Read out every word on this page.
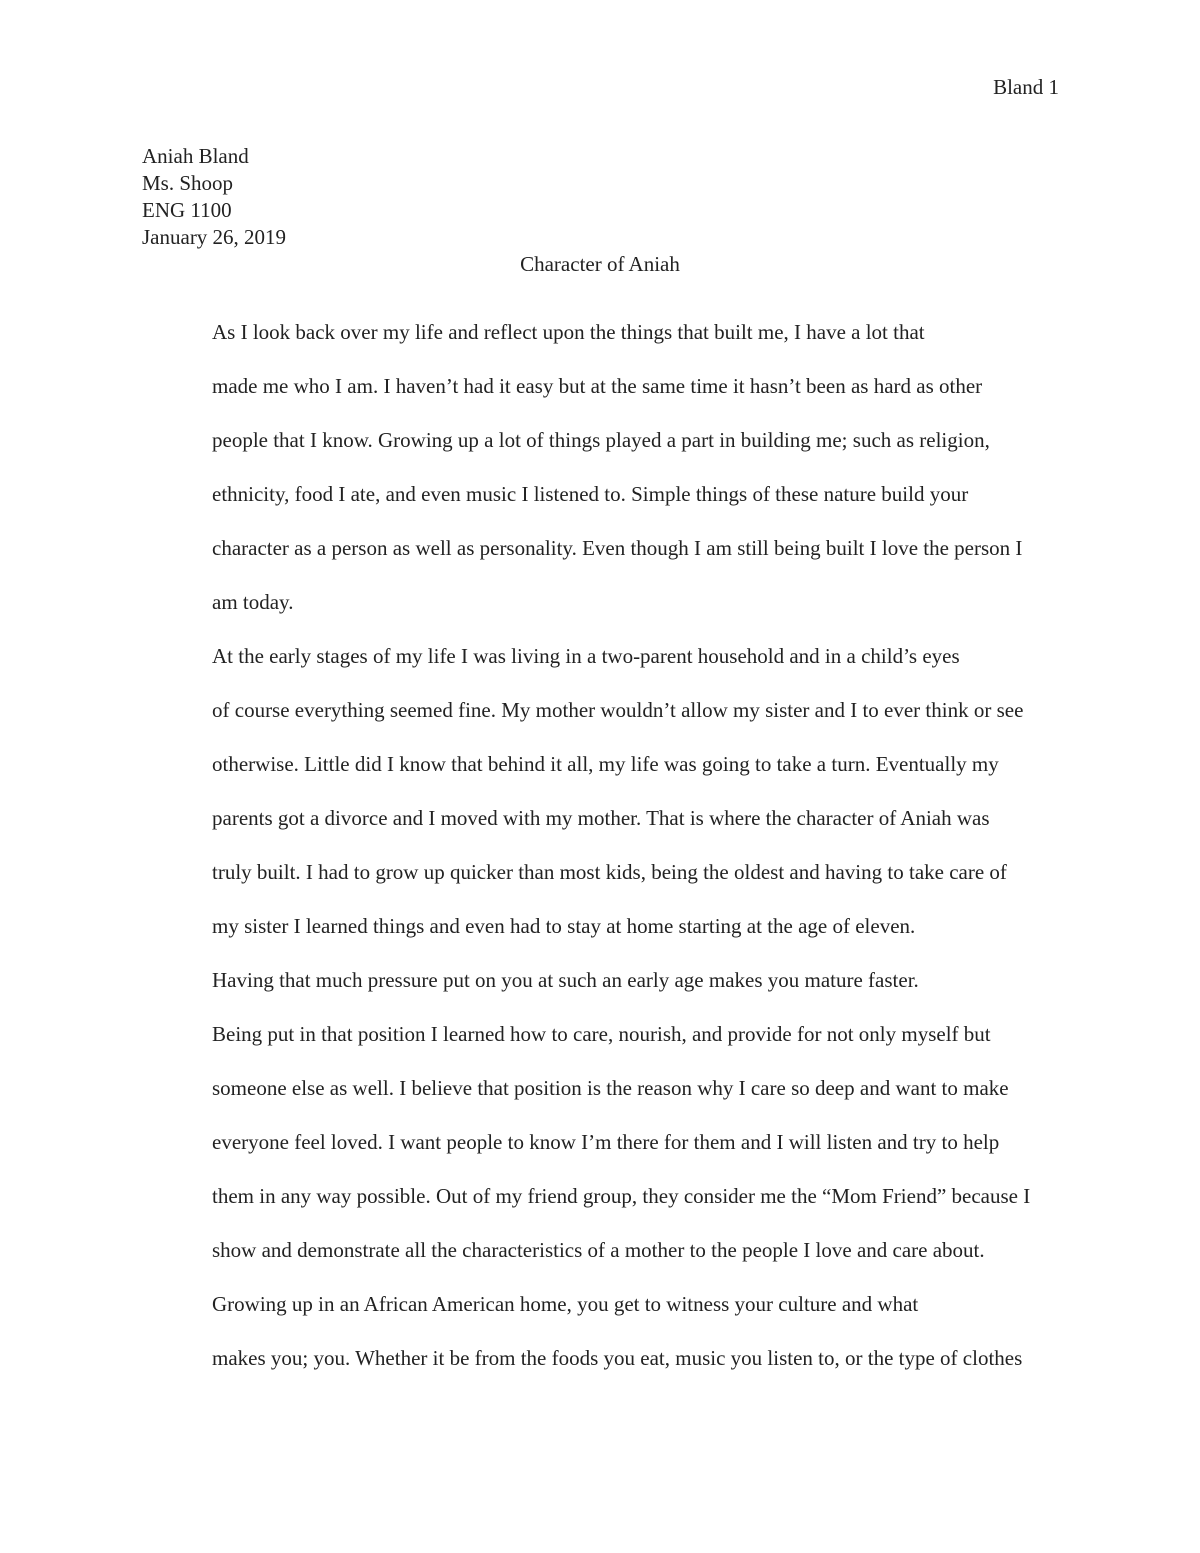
Bland 1
Aniah Bland
Ms. Shoop
ENG 1100
January 26, 2019
Character of Aniah

As I look back over my life and reflect upon the things that built me, I have a lot that
made me who I am. I haven’t had it easy but at the same time it hasn’t been as hard as other
people that I know. Growing up a lot of things played a part in building me; such as religion,
ethnicity, food I ate, and even music I listened to. Simple things of these nature build your
character as a person as well as personality. Even though I am still being built I love the person I
am today.

At the early stages of my life I was living in a two-parent household and in a child’s eyes
of course everything seemed fine. My mother wouldn’t allow my sister and I to ever think or see
otherwise. Little did I know that behind it all, my life was going to take a turn. Eventually my
parents got a divorce and I moved with my mother. That is where the character of Aniah was
truly built. I had to grow up quicker than most kids, being the oldest and having to take care of
my sister I learned things and even had to stay at home starting at the age of eleven.

Having that much pressure put on you at such an early age makes you mature faster.
Being put in that position I learned how to care, nourish, and provide for not only myself but
someone else as well. I believe that position is the reason why I care so deep and want to make
everyone feel loved. I want people to know I’m there for them and I will listen and try to help
them in any way possible. Out of my friend group, they consider me the “Mom Friend” because I
show and demonstrate all the characteristics of a mother to the people I love and care about.

Growing up in an African American home, you get to witness your culture and what
makes you; you. Whether it be from the foods you eat, music you listen to, or the type of clothes
